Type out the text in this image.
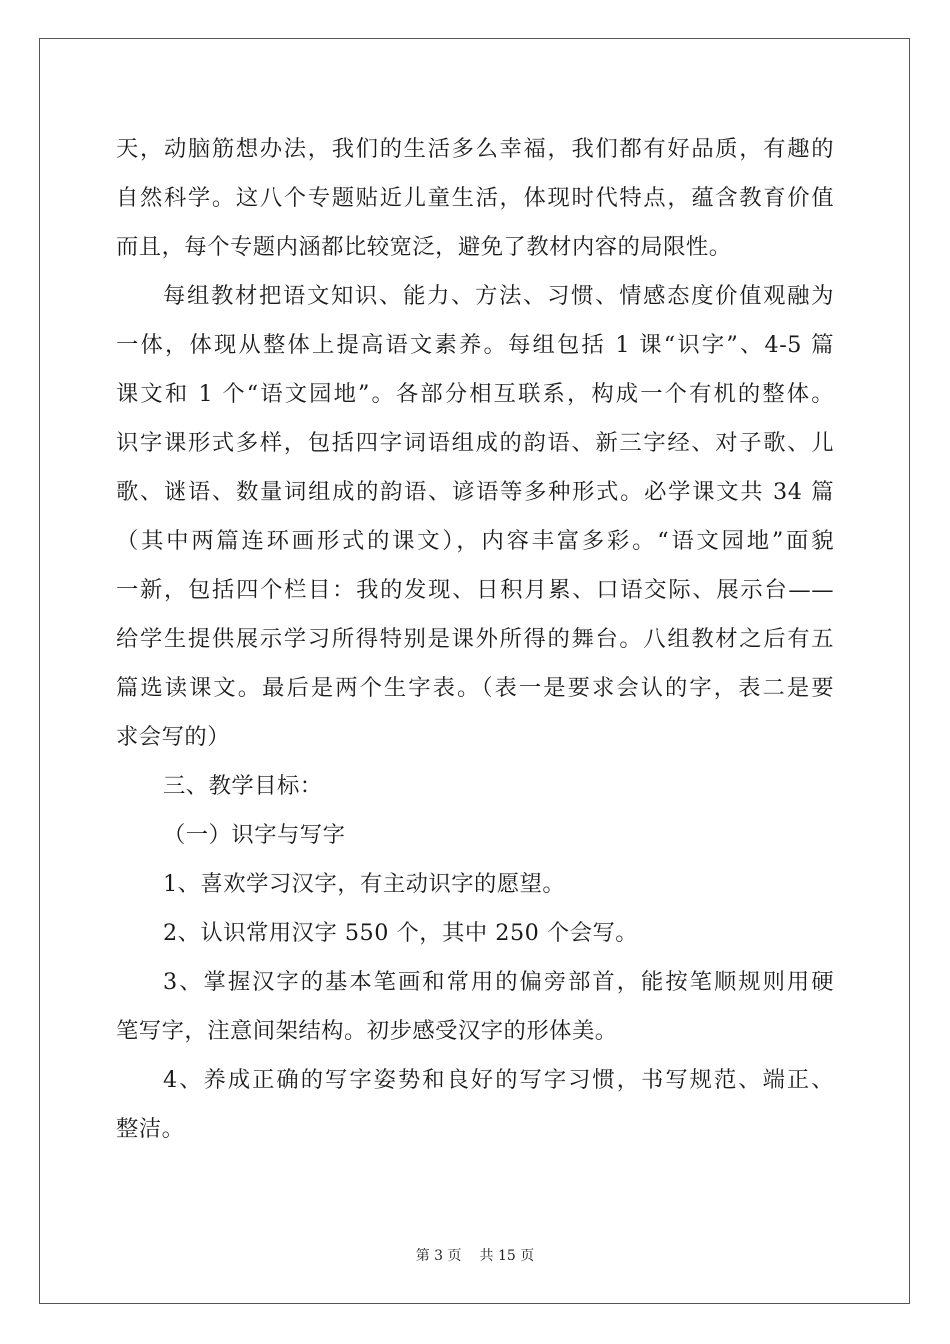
天，动脑筋想办法，我们的生活多么幸福，我们都有好品质，有趣的
自然科学。这八个专题贴近儿童生活，体现时代特点，蕴含教育价值
而且，每个专题内涵都比较宽泛，避免了教材内容的局限性。
每组教材把语文知识、能力、方法、习惯、情感态度价值观融为
一体，体现从整体上提高语文素养。每组包括 1 课“识字”、4-5 篇
课文和 1 个“语文园地”。各部分相互联系，构成一个有机的整体。
识字课形式多样，包括四字词语组成的韵语、新三字经、对子歌、儿
歌、谜语、数量词组成的韵语、谚语等多种形式。必学课文共 34 篇
（其中两篇连环画形式的课文），内容丰富多彩。“语文园地”面貌
一新，包括四个栏目：我的发现、日积月累、口语交际、展示台——
给学生提供展示学习所得特别是课外所得的舞台。八组教材之后有五
篇选读课文。最后是两个生字表。（表一是要求会认的字，表二是要
求会写的）
三、教学目标：
（一）识字与写字
1、喜欢学习汉字，有主动识字的愿望。
2、认识常用汉字 550 个，其中 250 个会写。
3、掌握汉字的基本笔画和常用的偏旁部首，能按笔顺规则用硬
笔写字，注意间架结构。初步感受汉字的形体美。
4、养成正确的写字姿势和良好的写字习惯，书写规范、端正、
整洁。
第 3 页 共 15 页
